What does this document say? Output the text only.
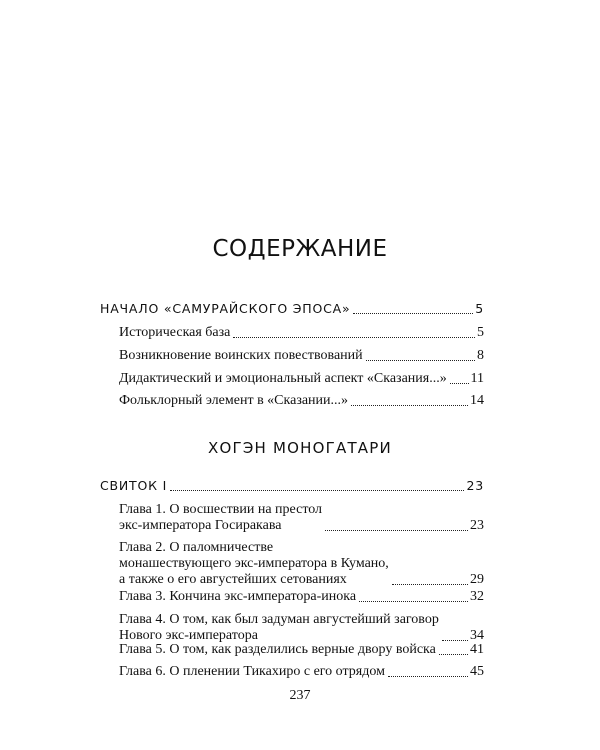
СОДЕРЖАНИЕ
НАЧАЛО «САМУРАЙСКОГО ЭПОСА»	5
Историческая база	5
Возникновение воинских повествований	8
Дидактический и эмоциональный аспект «Сказания...» 11
Фольклорный элемент в «Сказании...»	14
ХОГЭН МОНОГАТАРИ
СВИТОК I	23
Глава 1. О восшествии на престол
экс-императора Госиракава	23
Глава 2. О паломничестве
монашествующего экс-императора в Кумано,
а также о его августейших сетованиях	29
Глава 3. Кончина экс-императора-инока	32
Глава 4. О том, как был задуман августейший заговор
Нового экс-императора	34
Глава 5. О том, как разделились верные двору войска 41
Глава 6. О пленении Тикахиро с его отрядом	45
237
